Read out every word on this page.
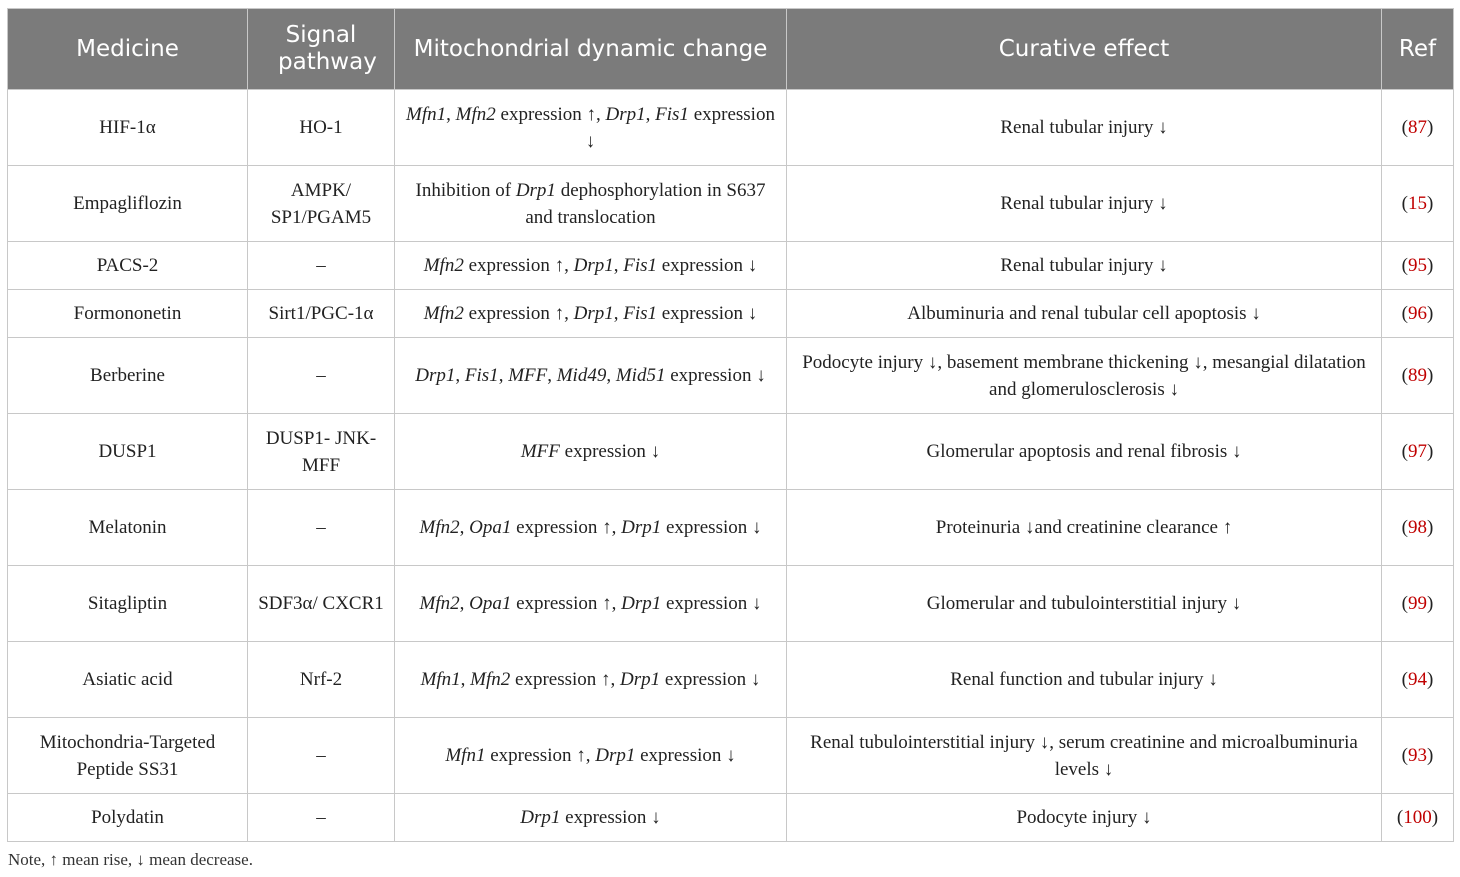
Medicine	Signal pathway	Mitochondrial dynamic change	Curative effect	Ref
HIF-1α	HO-1	Mfn1, Mfn2 expression ↑, Drp1, Fis1 expression ↓	Renal tubular injury ↓	(87)
Empagliflozin	AMPK/ SP1/PGAM5	Inhibition of Drp1 dephosphorylation in S637 and translocation	Renal tubular injury ↓	(15)
PACS-2	–	Mfn2 expression ↑, Drp1, Fis1 expression ↓	Renal tubular injury ↓	(95)
Formononetin	Sirt1/PGC-1α	Mfn2 expression ↑, Drp1, Fis1 expression ↓	Albuminuria and renal tubular cell apoptosis ↓	(96)
Berberine	–	Drp1, Fis1, MFF, Mid49, Mid51 expression ↓	Podocyte injury ↓, basement membrane thickening ↓, mesangial dilatation and glomerulosclerosis ↓	(89)
DUSP1	DUSP1- JNK-MFF	MFF expression ↓	Glomerular apoptosis and renal fibrosis ↓	(97)
Melatonin	–	Mfn2, Opa1 expression ↑, Drp1 expression ↓	Proteinuria ↓and creatinine clearance ↑	(98)
Sitagliptin	SDF3α/ CXCR1	Mfn2, Opa1 expression ↑, Drp1 expression ↓	Glomerular and tubulointerstitial injury ↓	(99)
Asiatic acid	Nrf-2	Mfn1, Mfn2 expression ↑, Drp1 expression ↓	Renal function and tubular injury ↓	(94)
Mitochondria-Targeted Peptide SS31	–	Mfn1 expression ↑, Drp1 expression ↓	Renal tubulointerstitial injury ↓, serum creatinine and microalbuminuria levels ↓	(93)
Polydatin	–	Drp1 expression ↓	Podocyte injury ↓	(100)
Note, ↑ mean rise, ↓ mean decrease.
